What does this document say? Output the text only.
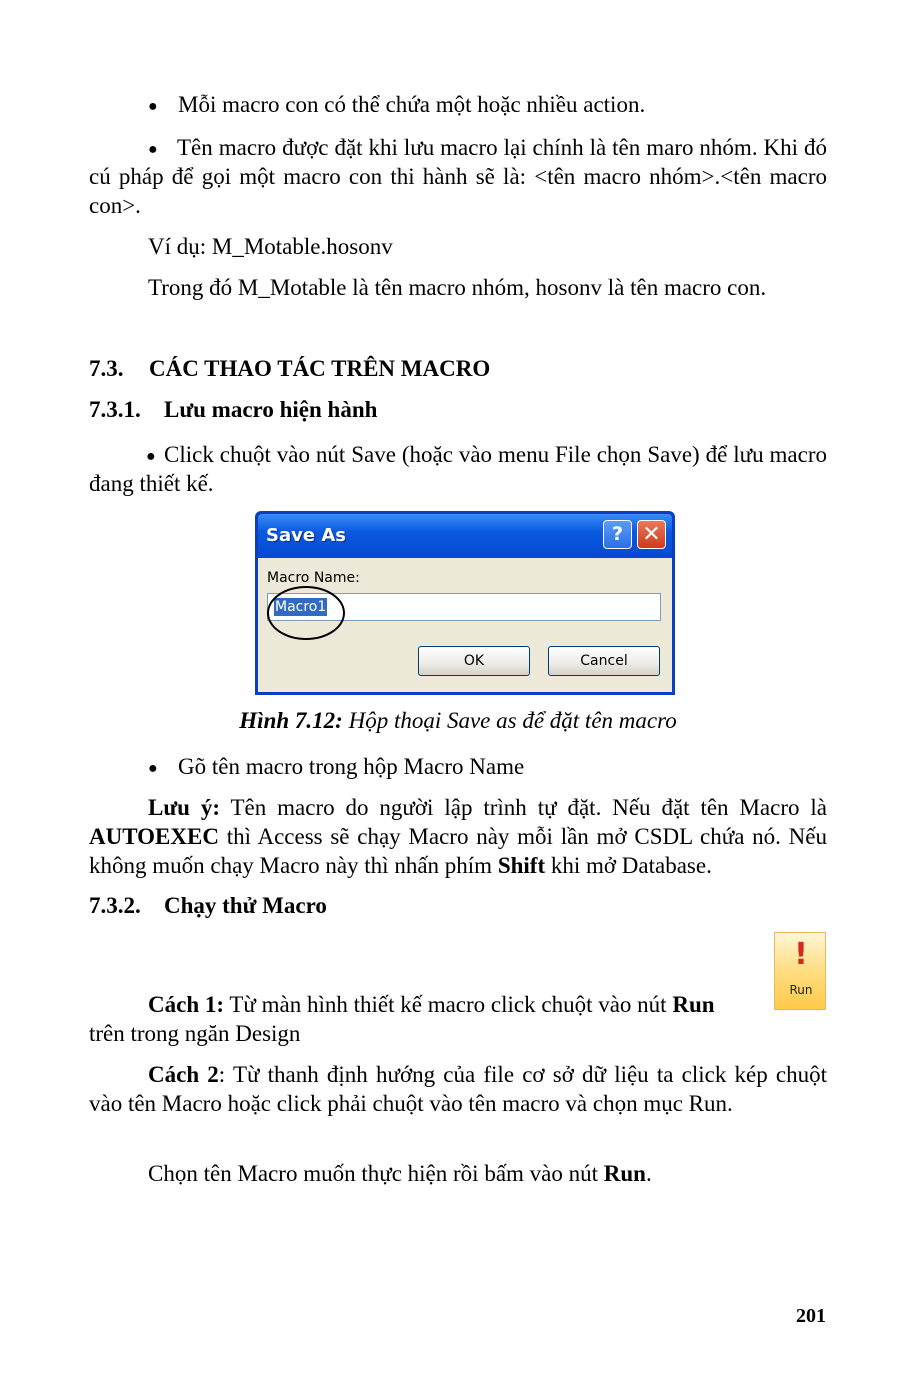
● Mỗi macro con có thể chứa một hoặc nhiều action.
● Tên macro được đặt khi lưu macro lại chính là tên maro nhóm. Khi đó cú pháp để gọi một macro con thi hành sẽ là: <tên macro nhóm>.<tên macro con>.
Ví dụ: M_Motable.hosonv
Trong đó M_Motable là tên macro nhóm, hosonv là tên macro con.
7.3. CÁC THAO TÁC TRÊN MACRO
7.3.1. Lưu macro hiện hành
● Click chuột vào nút Save (hoặc vào menu File chọn Save) để lưu macro đang thiết kế.
Save As	? ✕
Macro Name:
Macro1
OK	Cancel
Hình 7.12: Hộp thoại Save as để đặt tên macro
● Gõ tên macro trong hộp Macro Name
Lưu ý: Tên macro do người lập trình tự đặt. Nếu đặt tên Macro là AUTOEXEC thì Access sẽ chạy Macro này mỗi lần mở CSDL chứa nó. Nếu không muốn chạy Macro này thì nhấn phím Shift khi mở Database.
7.3.2. Chạy thử Macro
!
Run
Cách 1: Từ màn hình thiết kế macro click chuột vào nút Run
trên trong ngăn Design
Cách 2: Từ thanh định hướng của file cơ sở dữ liệu ta click kép chuột vào tên Macro hoặc click phải chuột vào tên macro và chọn mục Run.
Chọn tên Macro muốn thực hiện rồi bấm vào nút Run.
201
